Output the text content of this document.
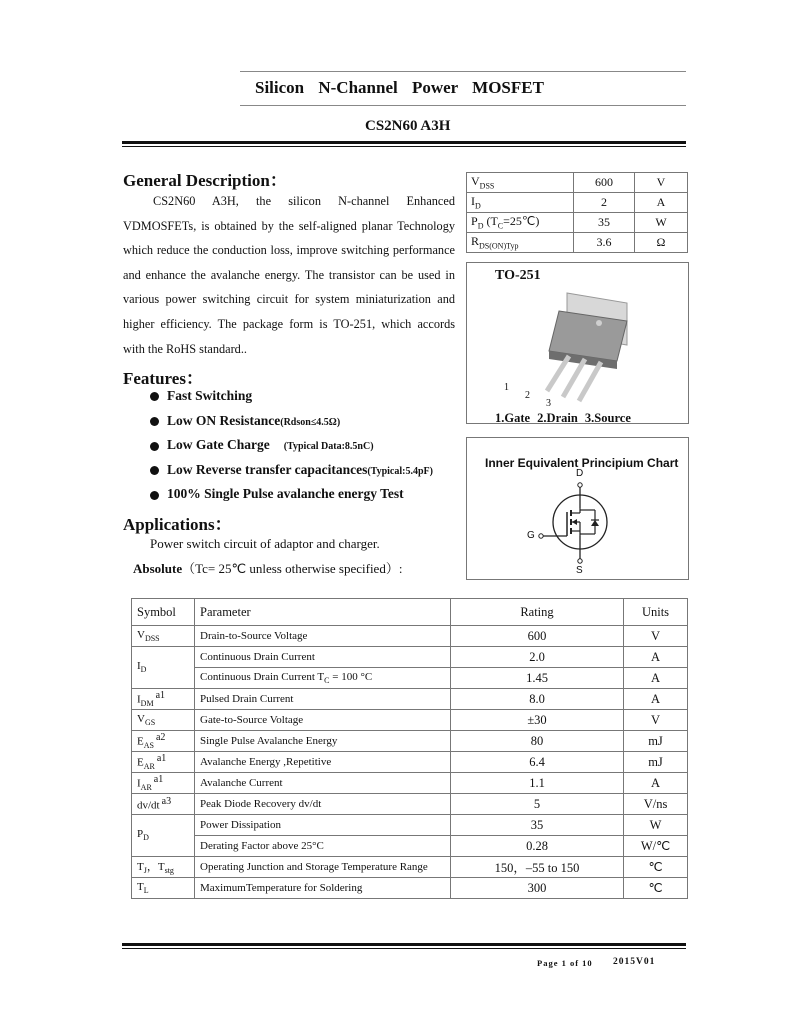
Silicon N-Channel Power MOSFET
CS2N60 A3H
General Description：
CS2N60 A3H, the silicon N-channel Enhanced VDMOSFETs, is obtained by the self-aligned planar Technology which reduce the conduction loss, improve switching performance and enhance the avalanche energy. The transistor can be used in various power switching circuit for system miniaturization and higher efficiency. The package form is TO-251, which accords with the RoHS standard..
$V_{DSS}$	600	V
$I_D$	2	A
$P_D$ $(T_C=25℃)$	35	W
$R_{DS(ON)Typ}$	3.6	Ω
TO-251
1
2
3
1.Gate 2.Drain 3.Source
Inner Equivalent Principium Chart
D
G
S
Features：
Fast Switching
Low ON Resistance(Rdson≤4.5Ω)
Low Gate Charge (Typical Data:8.5nC)
Low Reverse transfer capacitances(Typical:5.4pF)
100% Single Pulse avalanche energy Test
Applications：
Power switch circuit of adaptor and charger.
Absolute（Tc= 25℃ unless otherwise specified）:
Symbol	Parameter	Rating	Units
$V_{DSS}$	Drain-to-Source Voltage	600	V
$I_D$	Continuous Drain Current	2.0	A
	Continuous Drain Current $T_C = 100$ °C	1.45	A
$I_{DM}^{a1}$	Pulsed Drain Current	8.0	A
$V_{GS}$	Gate-to-Source Voltage	±30	V
$E_{AS}^{a2}$	Single Pulse Avalanche Energy	80	mJ
$E_{AR}^{a1}$	Avalanche Energy ,Repetitive	6.4	mJ
$I_{AR}^{a1}$	Avalanche Current	1.1	A
dv/dt $^{a3}$	Peak Diode Recovery dv/dt	5	V/ns
$P_D$	Power Dissipation	35	W
	Derating Factor above 25°C	0.28	W/℃
$T_J$，$T_{stg}$	Operating Junction and Storage Temperature Range	150，–55 to 150	℃
$T_L$	MaximumTemperature for Soldering	300	℃
Page 1 of 10 2015V01
